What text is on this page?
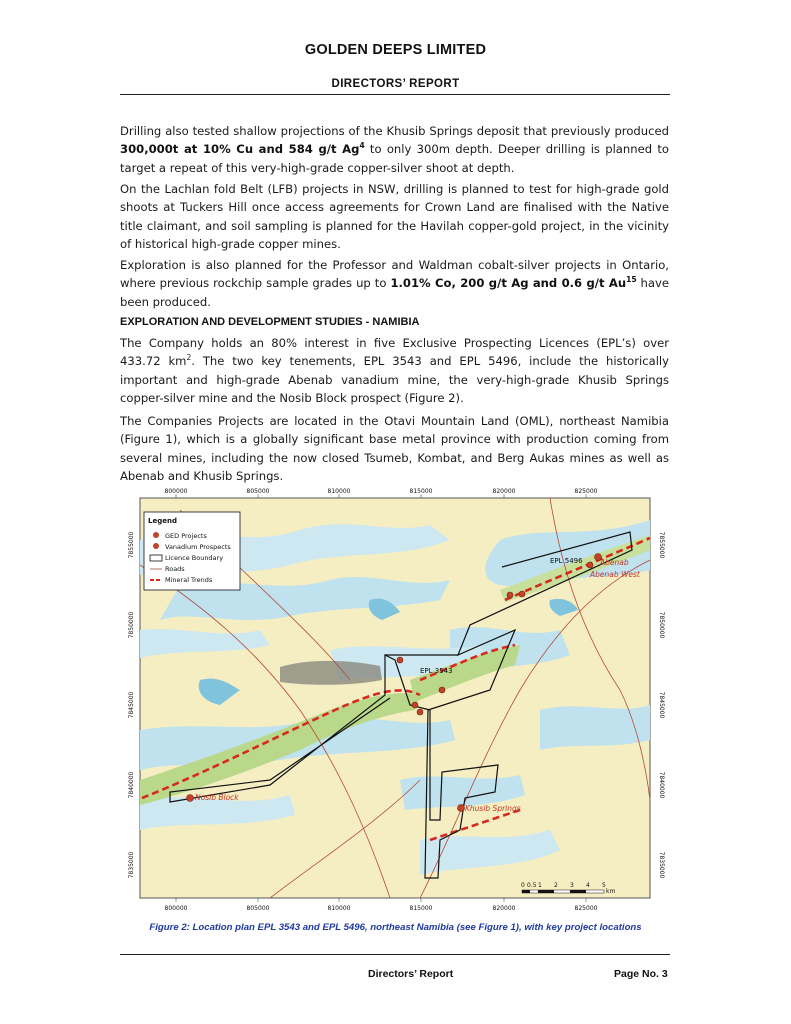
GOLDEN DEEPS LIMITED
DIRECTORS’ REPORT
Drilling also tested shallow projections of the Khusib Springs deposit that previously produced 300,000t at 10% Cu and 584 g/t Ag$^4$ to only 300m depth. Deeper drilling is planned to target a repeat of this very-high-grade copper-silver shoot at depth.
On the Lachlan fold Belt (LFB) projects in NSW, drilling is planned to test for high-grade gold shoots at Tuckers Hill once access agreements for Crown Land are finalised with the Native title claimant, and soil sampling is planned for the Havilah copper-gold project, in the vicinity of historical high-grade copper mines.
Exploration is also planned for the Professor and Waldman cobalt-silver projects in Ontario, where previous rockchip sample grades up to 1.01% Co, 200 g/t Ag and 0.6 g/t Au$^{15}$ have been produced.
EXPLORATION AND DEVELOPMENT STUDIES - NAMIBIA
The Company holds an 80% interest in five Exclusive Prospecting Licences (EPL’s) over 433.72 $km^2$. The two key tenements, EPL 3543 and EPL 5496, include the historically important and high-grade Abenab vanadium mine, the very-high-grade Khusib Springs copper-silver mine and the Nosib Block prospect (Figure 2).
The Companies Projects are located in the Otavi Mountain Land (OML), northeast Namibia (Figure 1), which is a globally significant base metal province with production coming from several mines, including the now closed Tsumeb, Kombat, and Berg Aukas mines as well as Abenab and Khusib Springs.
Abenab
Abenab West
Nosib Block
Khusib Springs
EPL 5496
EPL 3543
Legend
GED Projects
Vanadium Prospects
Licence Boundary
Roads
Mineral Trends
0 0.5 1 2 3 4 5
km
800000	805000	810000	815000	820000	825000
800000	805000	810000	815000	820000	825000
7855000
7850000
7845000
7840000
7835000
7855000
7850000
7845000
7840000
7835000
Figure 2: Location plan EPL 3543 and EPL 5496, northeast Namibia (see Figure 1), with key project locations
Directors’ Report	Page No. 3
